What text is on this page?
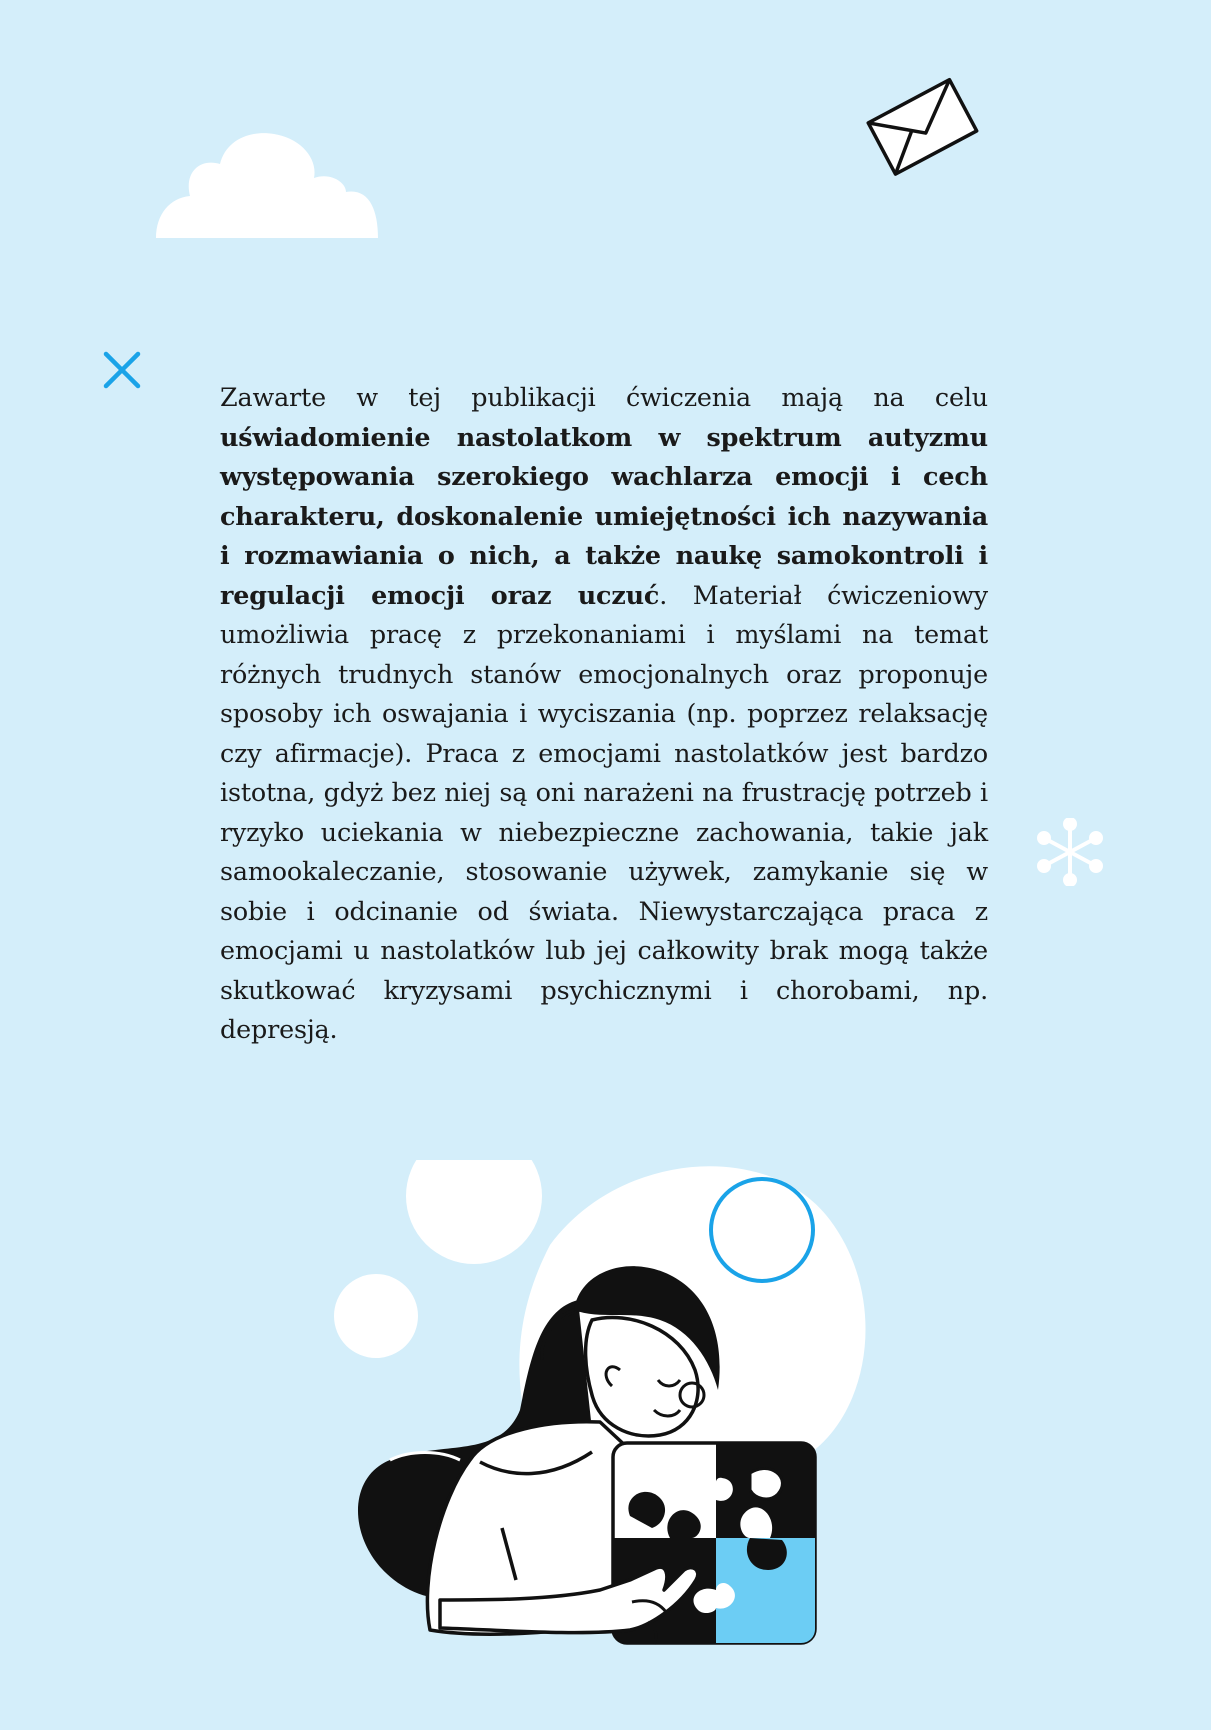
Zawarte w tej publikacji ćwiczenia mają na celu uświadomienie nastolatkom w spektrum autyzmu występowania szerokiego wachlarza emocji i cech charakteru, doskonalenie umiejętności ich nazywania i rozmawiania o nich, a także naukę samokontroli i regulacji emocji oraz uczuć. Materiał ćwiczeniowy umożliwia pracę z przekonaniami i myślami na temat różnych trudnych stanów emocjonalnych oraz proponuje sposoby ich oswajania i wyciszania (np. poprzez relaksację czy afirmacje). Praca z emocjami nastolatków jest bardzo istotna, gdyż bez niej są oni narażeni na frustrację potrzeb i ryzyko uciekania w niebezpieczne zachowania, takie jak samookaleczanie, stosowanie używek, zamykanie się w sobie i odcinanie od świata. Niewystarczająca praca z emocjami u nastolatków lub jej całkowity brak mogą także skutkować kryzysami psychicznymi i chorobami, np. depresją.
